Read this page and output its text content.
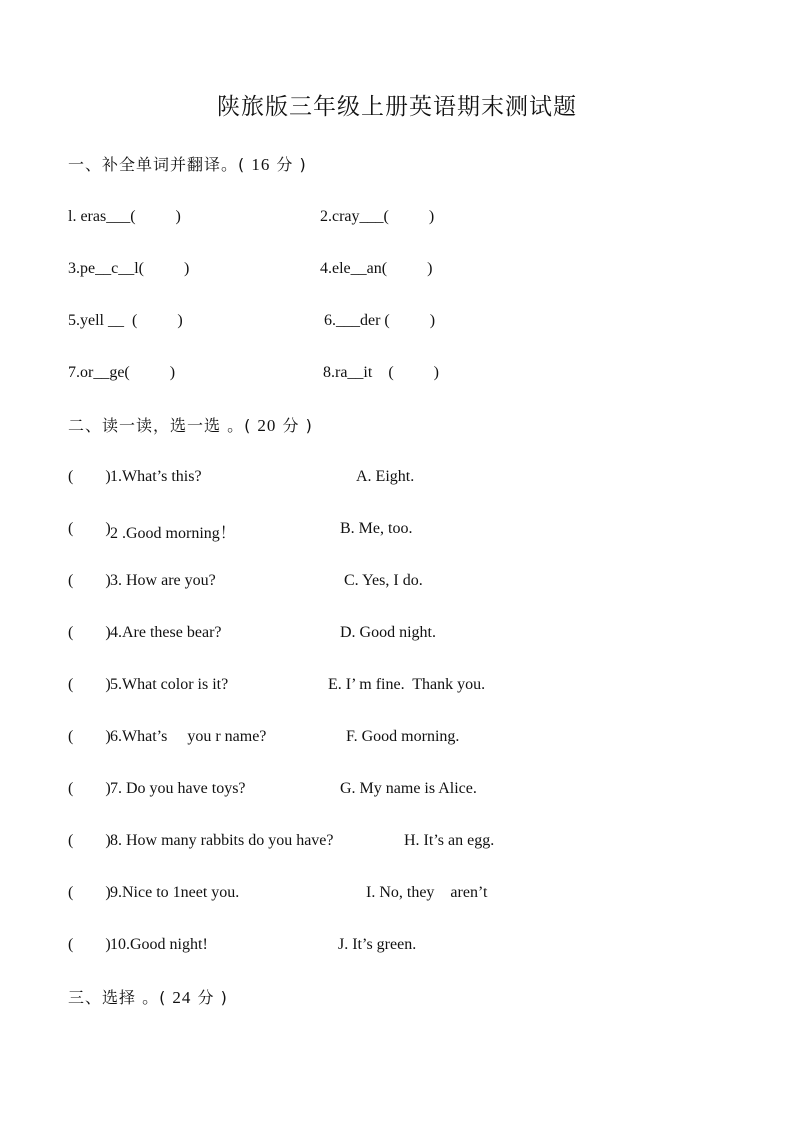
陕旅版三年级上册英语期末测试题
一、补全单词并翻译。( 16 分 )
l. eras___(          )	2.cray___(          )
3.pe__c__l(          )	4.ele__an(          )
5.yell __  (          )	6.___der (          )
7.or__ge(          )	8.ra__it    (          )
二、读一读，选一选 。( 20 分 )
(        ) 1.What’s this?	A. Eight.
(        ) 2 .Good morning！	B. Me, too.
(        ) 3. How are you?	C. Yes, I do.
(        ) 4.Are these bear?	D. Good night.
(        ) 5.What color is it?	E. I’ m fine.  Thank you.
(        ) 6.What’s     you r name?	F. Good morning.
(        ) 7. Do you have toys?	G. My name is Alice.
(        ) 8. How many rabbits do you have?	H. It’s an egg.
(        ) 9.Nice to 1neet you.	I. No, they    aren’t
(        ) 10.Good night!	J. It’s green.
三、选择 。( 24 分 )
